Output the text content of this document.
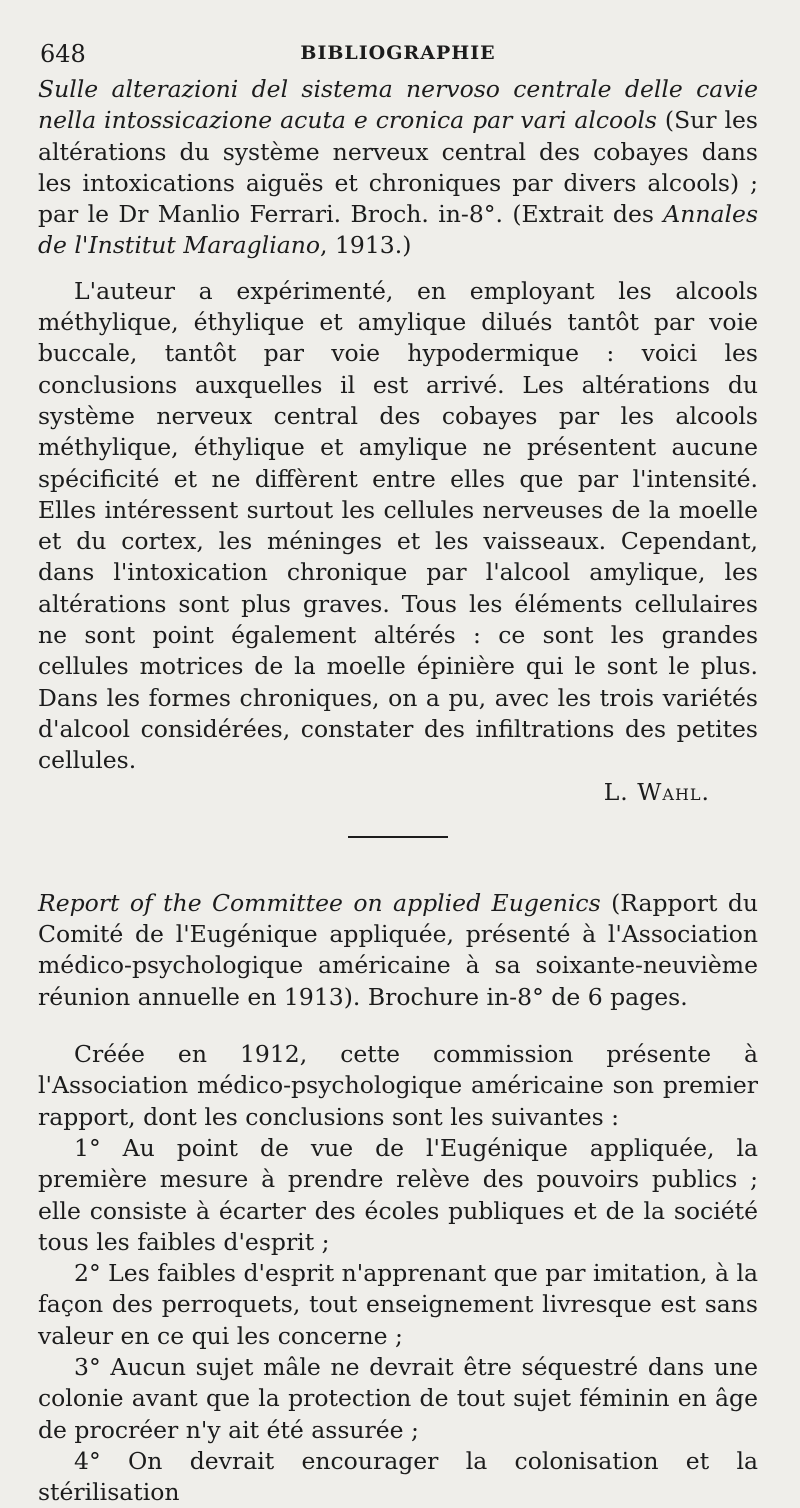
648	BIBLIOGRAPHIE

Sulle alterazioni del sistema nervoso centrale delle cavie nella intossicazione acuta e cronica par vari alcools (Sur les altérations du système nerveux central des cobayes dans les intoxications aiguës et chroniques par divers alcools) ; par le Dr Manlio Ferrari. Broch. in-8°. (Extrait des Annales de l'Institut Maragliano, 1913.)

L'auteur a expérimenté, en employant les alcools méthylique, éthylique et amylique dilués tantôt par voie buccale, tantôt par voie hypodermique : voici les conclusions auxquelles il est arrivé. Les altérations du système nerveux central des cobayes par les alcools méthylique, éthylique et amylique ne présentent aucune spécificité et ne diffèrent entre elles que par l'intensité. Elles intéressent surtout les cellules nerveuses de la moelle et du cortex, les méninges et les vaisseaux. Cependant, dans l'intoxication chronique par l'alcool amylique, les altérations sont plus graves. Tous les éléments cellulaires ne sont point également altérés : ce sont les grandes cellules motrices de la moelle épinière qui le sont le plus. Dans les formes chroniques, on a pu, avec les trois variétés d'alcool considérées, constater des infiltrations des petites cellules.

L. Wahl.

Report of the Committee on applied Eugenics (Rapport du Comité de l'Eugénique appliquée, présenté à l'Association médico-psychologique américaine à sa soixante-neuvième réunion annuelle en 1913). Brochure in-8° de 6 pages.

Créée en 1912, cette commission présente à l'Association médico-psychologique américaine son premier rapport, dont les conclusions sont les suivantes :

1° Au point de vue de l'Eugénique appliquée, la première mesure à prendre relève des pouvoirs publics ; elle consiste à écarter des écoles publiques et de la société tous les faibles d'esprit ;

2° Les faibles d'esprit n'apprenant que par imitation, à la façon des perroquets, tout enseignement livresque est sans valeur en ce qui les concerne ;

3° Aucun sujet mâle ne devrait être séquestré dans une colonie avant que la protection de tout sujet féminin en âge de procréer n'y ait été assurée ;

4° On devrait encourager la colonisation et la stérilisation
